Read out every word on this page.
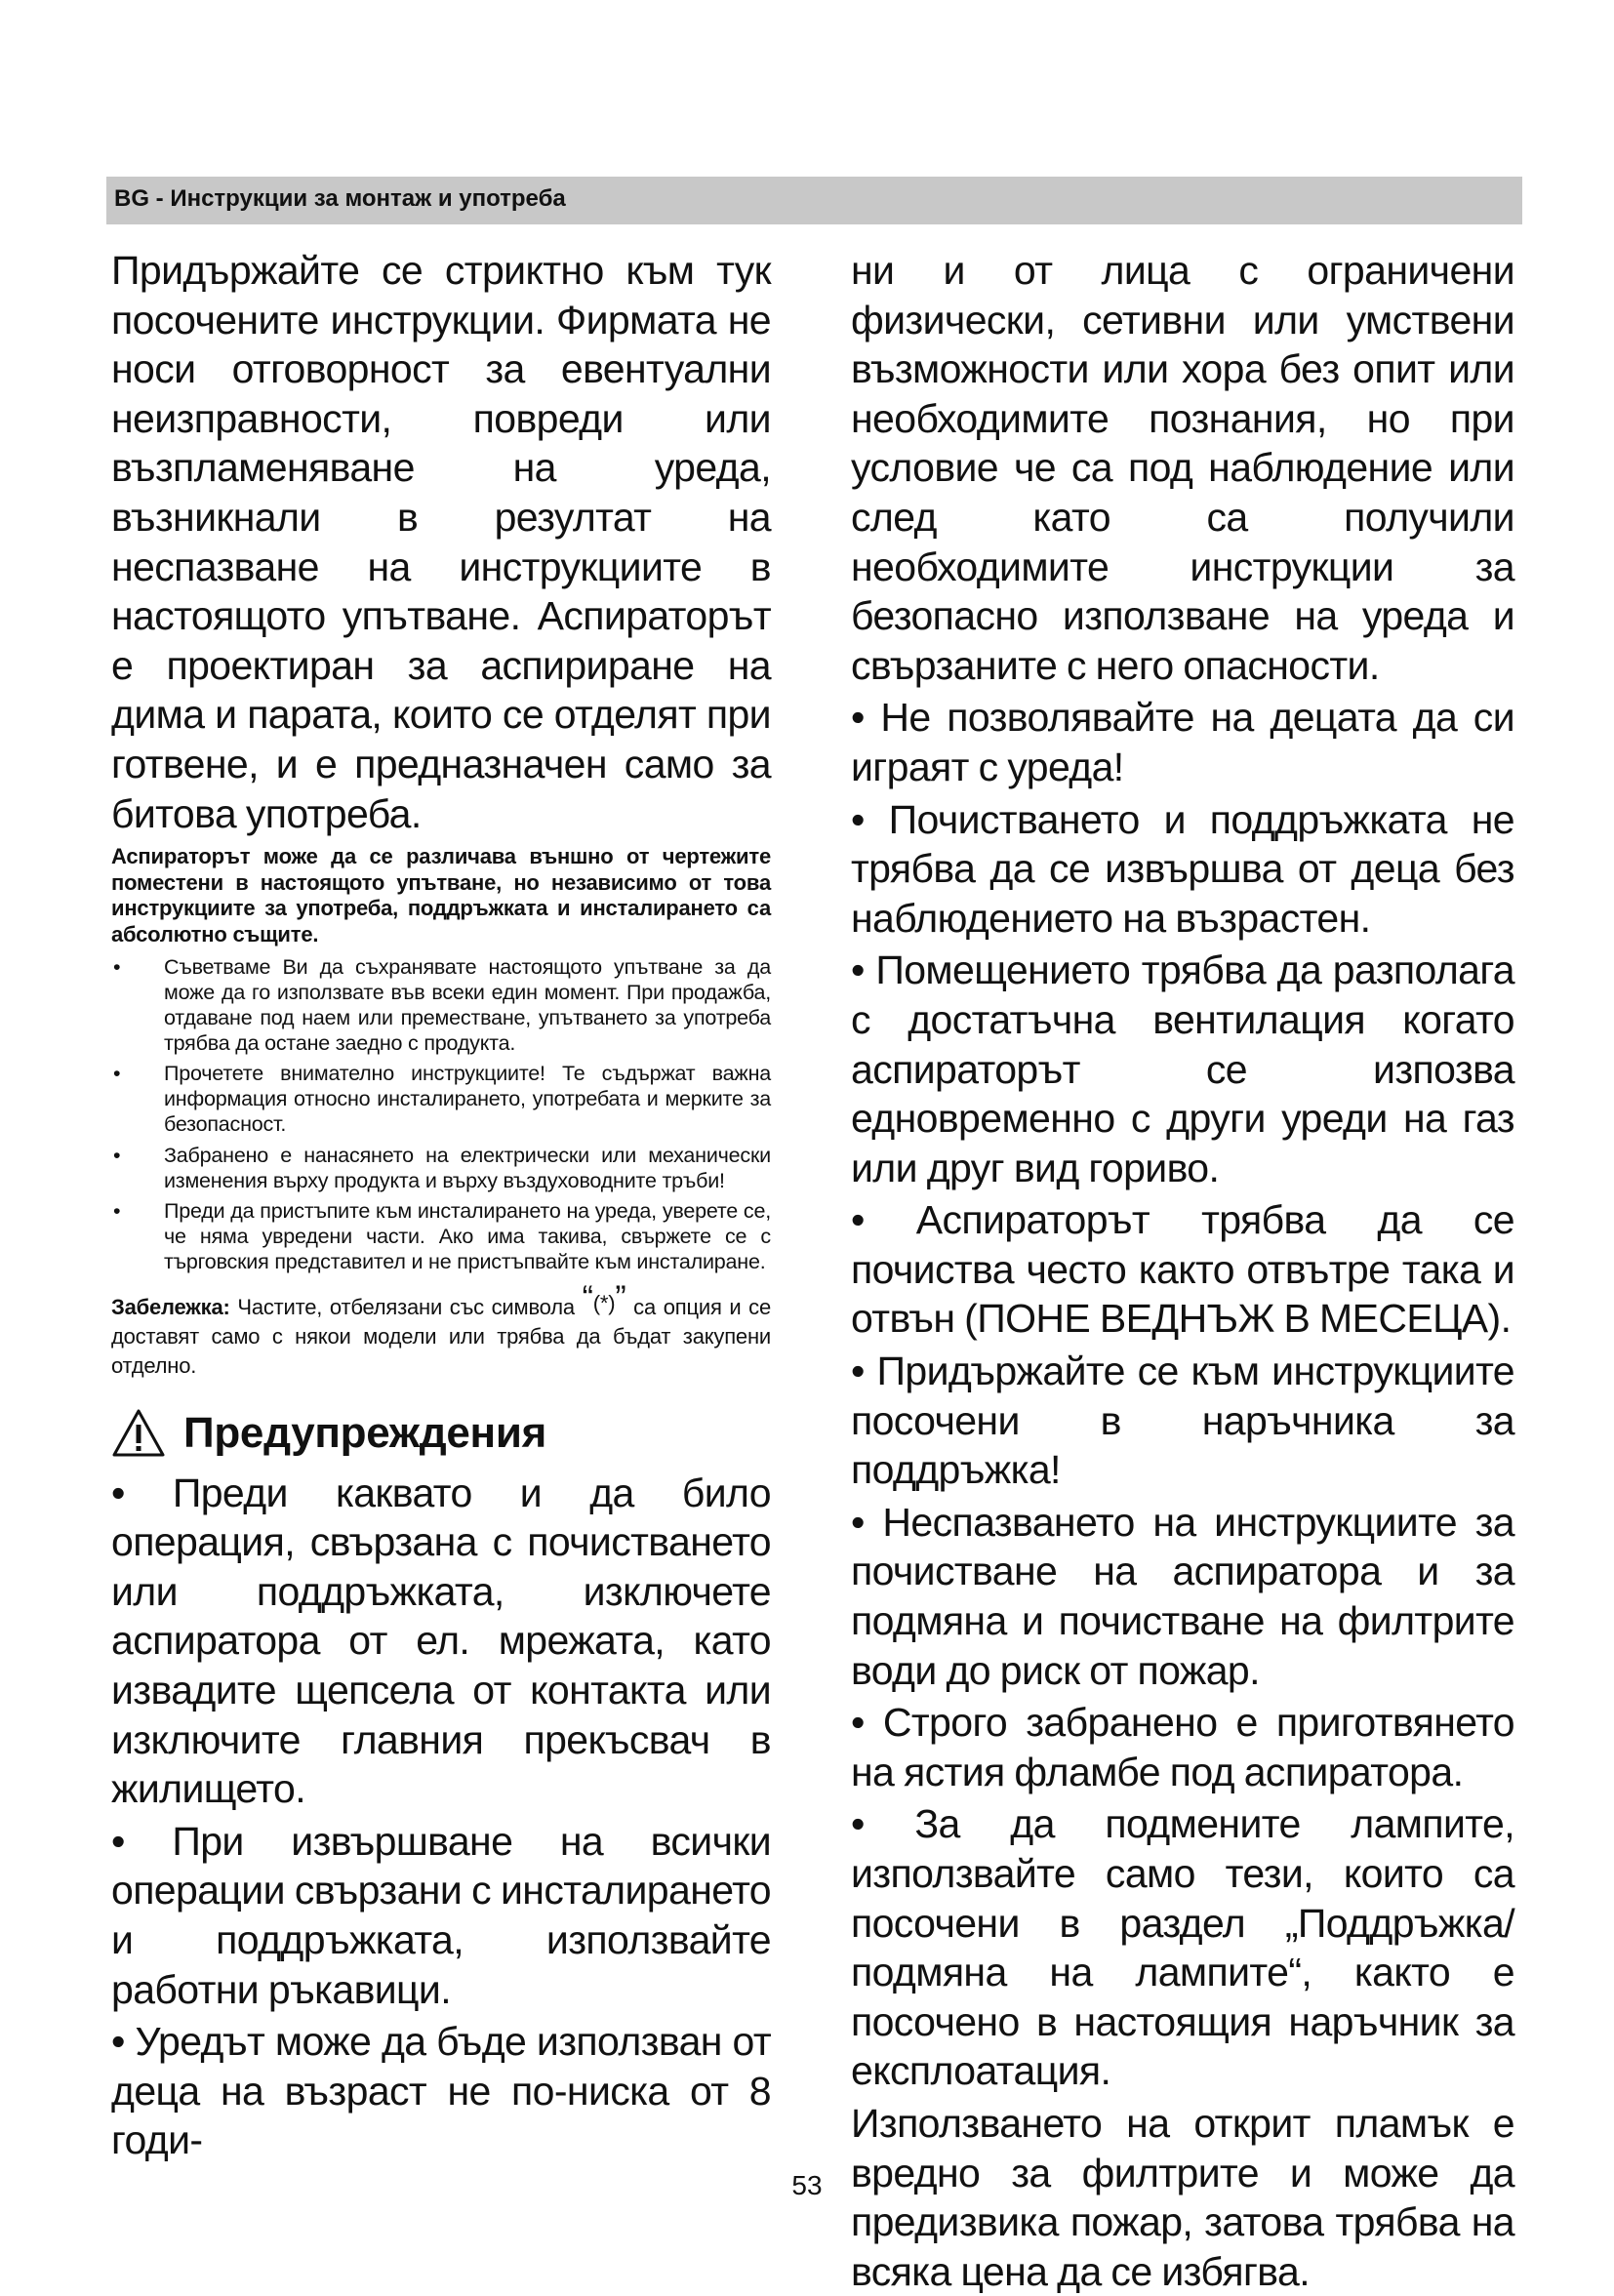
BG - Инструкции за монтаж и употреба

Придържайте се стриктно към тук посочените инструкции. Фирмата не носи отговорност за евентуални неизправности, повреди или възпламеняване на уреда, възникнали в резултат на неспазване на инструкциите в настоящото упътване. Аспираторът е проектиран за аспириране на дима и парата, които се отделят при готвене, и е предназначен само за битова употреба.

Аспираторът може да се различава външно от чертежите поместени в настоящото упътване, но независимо от това инструкциите за употреба, поддръжката и инсталирането са абсолютно същите.

• Съветваме Ви да съхранявате настоящото упътване за да може да го използвате във всеки един момент. При продажба, отдаване под наем или преместване, упътването за употреба трябва да остане заедно с продукта.
• Прочетете внимателно инструкциите! Те съдържат важна информация относно инсталирането, употребата и мерките за безопасност.
• Забранено е нанасянето на електрически или механически изменения върху продукта и върху въздуховодните тръби!
• Преди да пристъпите към инсталирането на уреда, уверете се, че няма увредени части. Ако има такива, свържете се с търговския представител и не пристъпвайте към инсталиране.

Забележка: Частите, отбелязани със символа “(*)” са опция и се доставят само с някои модели или трябва да бъдат закупени отделно.

Предупреждения

• Преди каквато и да било операция, свързана с почистването или поддръжката, изключете аспиратора от ел. мрежата, като извадите щепсела от контакта или изключите главния прекъсвач в жилището.

• При извършване на всички операции свързани с инсталирането и поддръжката, използвайте работни ръкавици.

• Уредът може да бъде използван от деца на възраст не по-ниска от 8 годи-

ни и от лица с ограничени физически, сетивни или умствени възможности или хора без опит или необходимите познания, но при условие че са под наблюдение или след като са получили необходимите инструкции за безопасно използване на уреда и свързаните с него опасности.

• Не позволявайте на децата да си играят с уреда!

• Почистването и поддръжката не трябва да се извършва от деца без наблюдението на възрастен.

• Помещението трябва да разполага с достатъчна вентилация когато аспираторът се изпозва едновременно с други уреди на газ или друг вид гориво.

• Аспираторът трябва да се почиства често както отвътре така и отвън (ПОНЕ ВЕДНЪЖ В МЕСЕЦА).

• Придържайте се към инструкциите посочени в наръчника за поддръжка!

• Неспазването на инструкциите за почистване на аспиратора и за подмяна и почистване на филтрите води до риск от пожар.

• Строго забранено е приготвянето на ястия фламбе под аспиратора.

• За да подмените лампите, използвайте само тези, които са посочени в раздел „Поддръжка/подмяна на лампите“, както е посочено в настоящия наръчник за експлоатация.

Използването на открит пламък е вредно за филтрите и може да предизвика пожар, затова трябва на всяка цена да се избягва.

53
